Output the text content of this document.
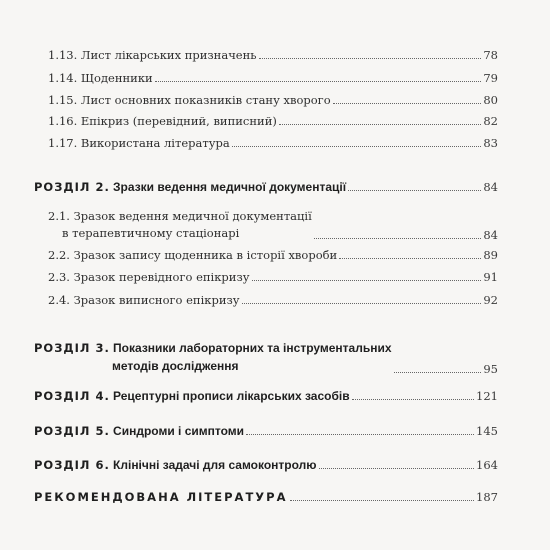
1.13. Лист лікарських призначень	78
1.14. Щоденники	79
1.15. Лист основних показників стану хворого	80
1.16. Епікриз (перевідний, виписний)	82
1.17. Використана література	83
РОЗДІЛ 2. Зразки ведення медичної документації	84
2.1. Зразок ведення медичної документації
в терапевтичному стаціонарі	84
2.2. Зразок запису щоденника в історії хвороби	89
2.3. Зразок перевідного епікризу	91
2.4. Зразок виписного епікризу	92
РОЗДІЛ 3. Показники лабораторних та інструментальних
методів дослідження	95
РОЗДІЛ 4. Рецептурні прописи лікарських засобів	121
РОЗДІЛ 5. Синдроми і симптоми	145
РОЗДІЛ 6. Клінічні задачі для самоконтролю	164
РЕКОМЕНДОВАНА ЛІТЕРАТУРА	187
